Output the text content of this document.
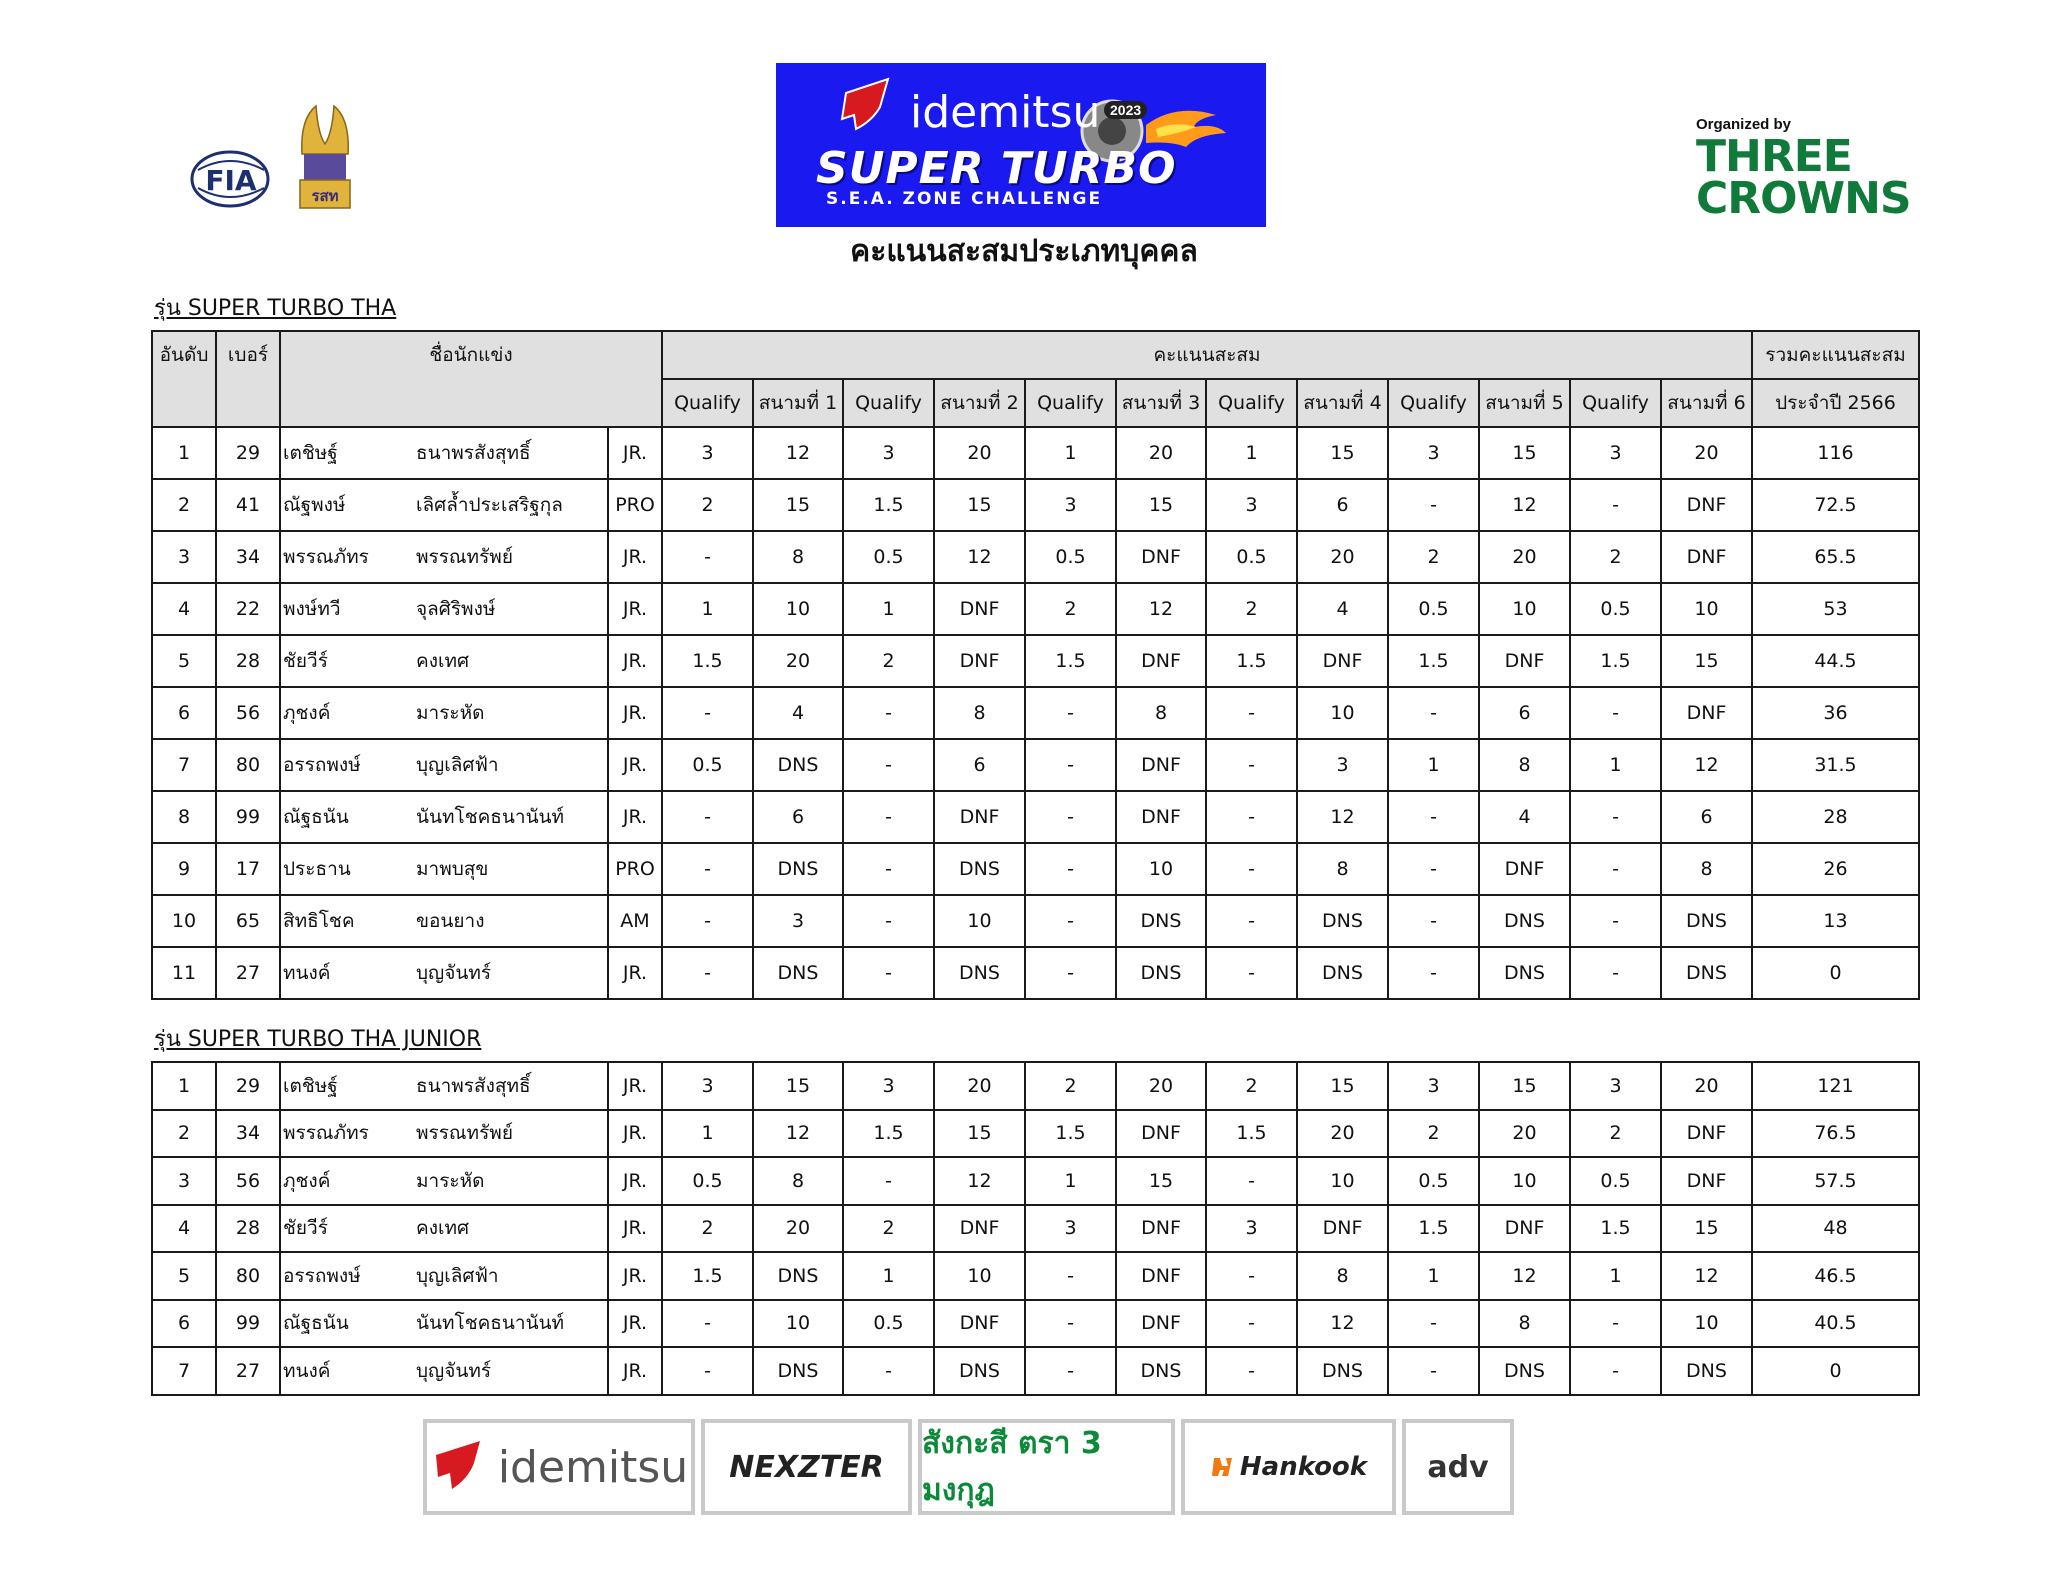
FIA	รสท
idemitsu 2023
SUPER TURBO
S.E.A. ZONE CHALLENGE
Organized by
THREE
CROWNS
คะแนนสะสมประเภทบุคคล
รุ่น SUPER TURBO THA
อันดับ	เบอร์	ชื่อนักแข่ง			คะแนนสะสม												รวมคะแนนสะสม
					Qualify	สนามที่ 1	Qualify	สนามที่ 2	Qualify	สนามที่ 3	Qualify	สนามที่ 4	Qualify	สนามที่ 5	Qualify	สนามที่ 6	ประจำปี 2566
1	29	เตชิษฐ์	ธนาพรสังสุทธิ์	JR.	3	12	3	20	1	20	1	15	3	15	3	20	116
2	41	ณัฐพงษ์	เลิศล้ำประเสริฐกุล	PRO	2	15	1.5	15	3	15	3	6	-	12	-	DNF	72.5
3	34	พรรณภัทร	พรรณทรัพย์	JR.	-	8	0.5	12	0.5	DNF	0.5	20	2	20	2	DNF	65.5
4	22	พงษ์ทวี	จุลศิริพงษ์	JR.	1	10	1	DNF	2	12	2	4	0.5	10	0.5	10	53
5	28	ชัยวีร์	คงเทศ	JR.	1.5	20	2	DNF	1.5	DNF	1.5	DNF	1.5	DNF	1.5	15	44.5
6	56	ภุชงค์	มาระหัด	JR.	-	4	-	8	-	8	-	10	-	6	-	DNF	36
7	80	อรรถพงษ์	บุญเลิศฟ้า	JR.	0.5	DNS	-	6	-	DNF	-	3	1	8	1	12	31.5
8	99	ณัฐธนัน	นันทโชคธนานันท์	JR.	-	6	-	DNF	-	DNF	-	12	-	4	-	6	28
9	17	ประธาน	มาพบสุข	PRO	-	DNS	-	DNS	-	10	-	8	-	DNF	-	8	26
10	65	สิทธิโชค	ขอนยาง	AM	-	3	-	10	-	DNS	-	DNS	-	DNS	-	DNS	13
11	27	ทนงค์	บุญจันทร์	JR.	-	DNS	-	DNS	-	DNS	-	DNS	-	DNS	-	DNS	0
รุ่น SUPER TURBO THA JUNIOR
1	29	เตชิษฐ์	ธนาพรสังสุทธิ์	JR.	3	15	3	20	2	20	2	15	3	15	3	20	121
2	34	พรรณภัทร	พรรณทรัพย์	JR.	1	12	1.5	15	1.5	DNF	1.5	20	2	20	2	DNF	76.5
3	56	ภุชงค์	มาระหัด	JR.	0.5	8	-	12	1	15	-	10	0.5	10	0.5	DNF	57.5
4	28	ชัยวีร์	คงเทศ	JR.	2	20	2	DNF	3	DNF	3	DNF	1.5	DNF	1.5	15	48
5	80	อรรถพงษ์	บุญเลิศฟ้า	JR.	1.5	DNS	1	10	-	DNF	-	8	1	12	1	12	46.5
6	99	ณัฐธนัน	นันทโชคธนานันท์	JR.	-	10	0.5	DNF	-	DNF	-	12	-	8	-	10	40.5
7	27	ทนงค์	บุญจันทร์	JR.	-	DNS	-	DNS	-	DNS	-	DNS	-	DNS	-	DNS	0
idemitsu NEXZTER
สังกะสี ตรา 3 มงกุฎ
Hankook adv
